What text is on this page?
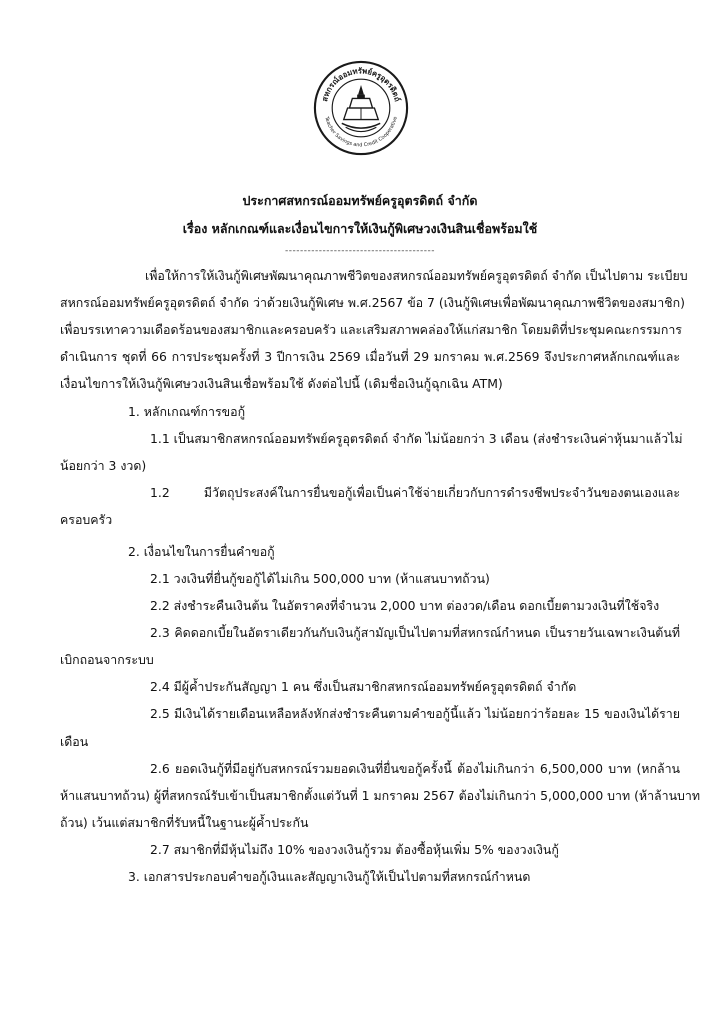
สหกรณ์ออมทรัพย์ครูอุตรดิตถ์
Teacher Savings and Credit Cooperative
ประกาศสหกรณ์ออมทรัพย์ครูอุตรดิตถ์ จำกัด
เรื่อง หลักเกณฑ์และเงื่อนไขการให้เงินกู้พิเศษวงเงินสินเชื่อพร้อมใช้
----------------------------------------
เพื่อให้การให้เงินกู้พิเศษพัฒนาคุณภาพชีวิตของสหกรณ์ออมทรัพย์ครูอุตรดิตถ์ จำกัด เป็นไปตาม ระเบียบ
สหกรณ์ออมทรัพย์ครูอุตรดิตถ์ จำกัด ว่าด้วยเงินกู้พิเศษ พ.ศ.2567 ข้อ 7 (เงินกู้พิเศษเพื่อพัฒนาคุณภาพชีวิตของสมาชิก)
เพื่อบรรเทาความเดือดร้อนของสมาชิกและครอบครัว และเสริมสภาพคล่องให้แก่สมาชิก โดยมติที่ประชุมคณะกรรมการ
ดำเนินการ ชุดที่ 66 การประชุมครั้งที่ 3 ปีการเงิน 2569 เมื่อวันที่ 29 มกราคม พ.ศ.2569 จึงประกาศหลักเกณฑ์และ
เงื่อนไขการให้เงินกู้พิเศษวงเงินสินเชื่อพร้อมใช้ ดังต่อไปนี้ (เดิมชื่อเงินกู้ฉุกเฉิน ATM)
1. หลักเกณฑ์การขอกู้
1.1 เป็นสมาชิกสหกรณ์ออมทรัพย์ครูอุตรดิตถ์ จำกัด ไม่น้อยกว่า 3 เดือน (ส่งชำระเงินค่าหุ้นมาแล้วไม่
น้อยกว่า 3 งวด)
1.2 มีวัตถุประสงค์ในการยื่นขอกู้เพื่อเป็นค่าใช้จ่ายเกี่ยวกับการดำรงชีพประจำวันของตนเองและ
ครอบครัว
2. เงื่อนไขในการยื่นคำขอกู้
2.1 วงเงินที่ยื่นกู้ขอกู้ได้ไม่เกิน 500,000 บาท (ห้าแสนบาทถ้วน)
2.2 ส่งชำระคืนเงินต้น ในอัตราคงที่จำนวน 2,000 บาท ต่องวด/เดือน ดอกเบี้ยตามวงเงินที่ใช้จริง
2.3 คิดดอกเบี้ยในอัตราเดียวกันกับเงินกู้สามัญเป็นไปตามที่สหกรณ์กำหนด เป็นรายวันเฉพาะเงินต้นที่
เบิกถอนจากระบบ
2.4 มีผู้ค้ำประกันสัญญา 1 คน ซึ่งเป็นสมาชิกสหกรณ์ออมทรัพย์ครูอุตรดิตถ์ จำกัด
2.5 มีเงินได้รายเดือนเหลือหลังหักส่งชำระคืนตามคำขอกู้นี้แล้ว ไม่น้อยกว่าร้อยละ 15 ของเงินได้ราย
เดือน
2.6 ยอดเงินกู้ที่มีอยู่กับสหกรณ์รวมยอดเงินที่ยื่นขอกู้ครั้งนี้ ต้องไม่เกินกว่า 6,500,000 บาท (หกล้าน
ห้าแสนบาทถ้วน) ผู้ที่สหกรณ์รับเข้าเป็นสมาชิกตั้งแต่วันที่ 1 มกราคม 2567 ต้องไม่เกินกว่า 5,000,000 บาท (ห้าล้านบาท
ถ้วน) เว้นแต่สมาชิกที่รับหนี้ในฐานะผู้ค้ำประกัน
2.7 สมาชิกที่มีหุ้นไม่ถึง 10% ของวงเงินกู้รวม ต้องซื้อหุ้นเพิ่ม 5% ของวงเงินกู้
3. เอกสารประกอบคำขอกู้เงินและสัญญาเงินกู้ให้เป็นไปตามที่สหกรณ์กำหนด
